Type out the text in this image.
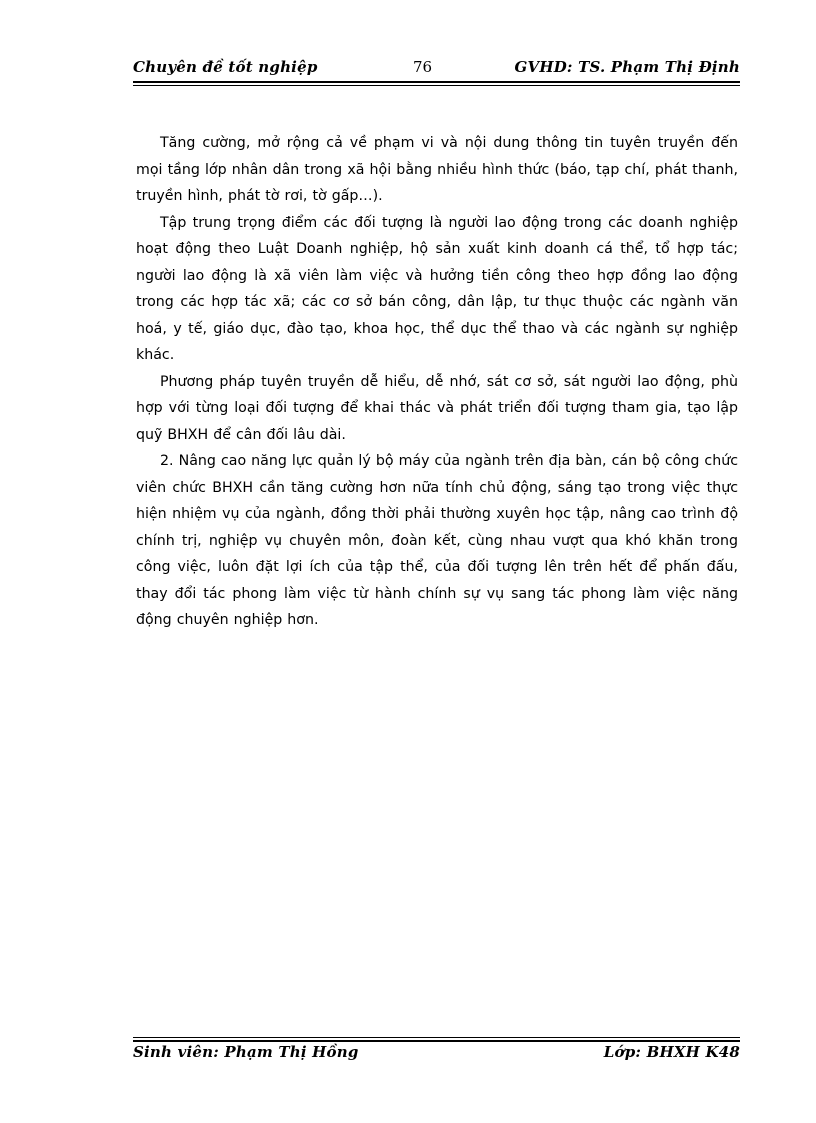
Chuyên đề tốt nghiệp	76	GVHD: TS. Phạm Thị Định

Tăng cường, mở rộng cả về phạm vi và nội dung thông tin tuyên truyền đến mọi tầng lớp nhân dân trong xã hội bằng nhiều hình thức (báo, tạp chí, phát thanh, truyền hình, phát tờ rơi, tờ gấp…).

Tập trung trọng điểm các đối tượng là người lao động trong các doanh nghiệp hoạt động theo Luật Doanh nghiệp, hộ sản xuất kinh doanh cá thể, tổ hợp tác; người lao động là xã viên làm việc và hưởng tiền công theo hợp đồng lao động trong các hợp tác xã; các cơ sở bán công, dân lập, tư thục thuộc các ngành văn hoá, y tế, giáo dục, đào tạo, khoa học, thể dục thể thao và các ngành sự nghiệp khác.

Phương pháp tuyên truyền dễ hiểu, dễ nhớ, sát cơ sở, sát người lao động, phù hợp với từng loại đối tượng để khai thác và phát triển đối tượng tham gia, tạo lập quỹ BHXH để cân đối lâu dài.

2. Nâng cao năng lực quản lý bộ máy của ngành trên địa bàn, cán bộ công chức viên chức BHXH cần tăng cường hơn nữa tính chủ động, sáng tạo trong việc thực hiện nhiệm vụ của ngành, đồng thời phải thường xuyên học tập, nâng cao trình độ chính trị, nghiệp vụ chuyên môn, đoàn kết, cùng nhau vượt qua khó khăn trong công việc, luôn đặt lợi ích của tập thể, của đối tượng lên trên hết để phấn đấu, thay đổi tác phong làm việc từ hành chính sự vụ sang tác phong làm việc năng động chuyên nghiệp hơn.

Sinh viên: Phạm Thị Hồng	Lớp: BHXH K48
